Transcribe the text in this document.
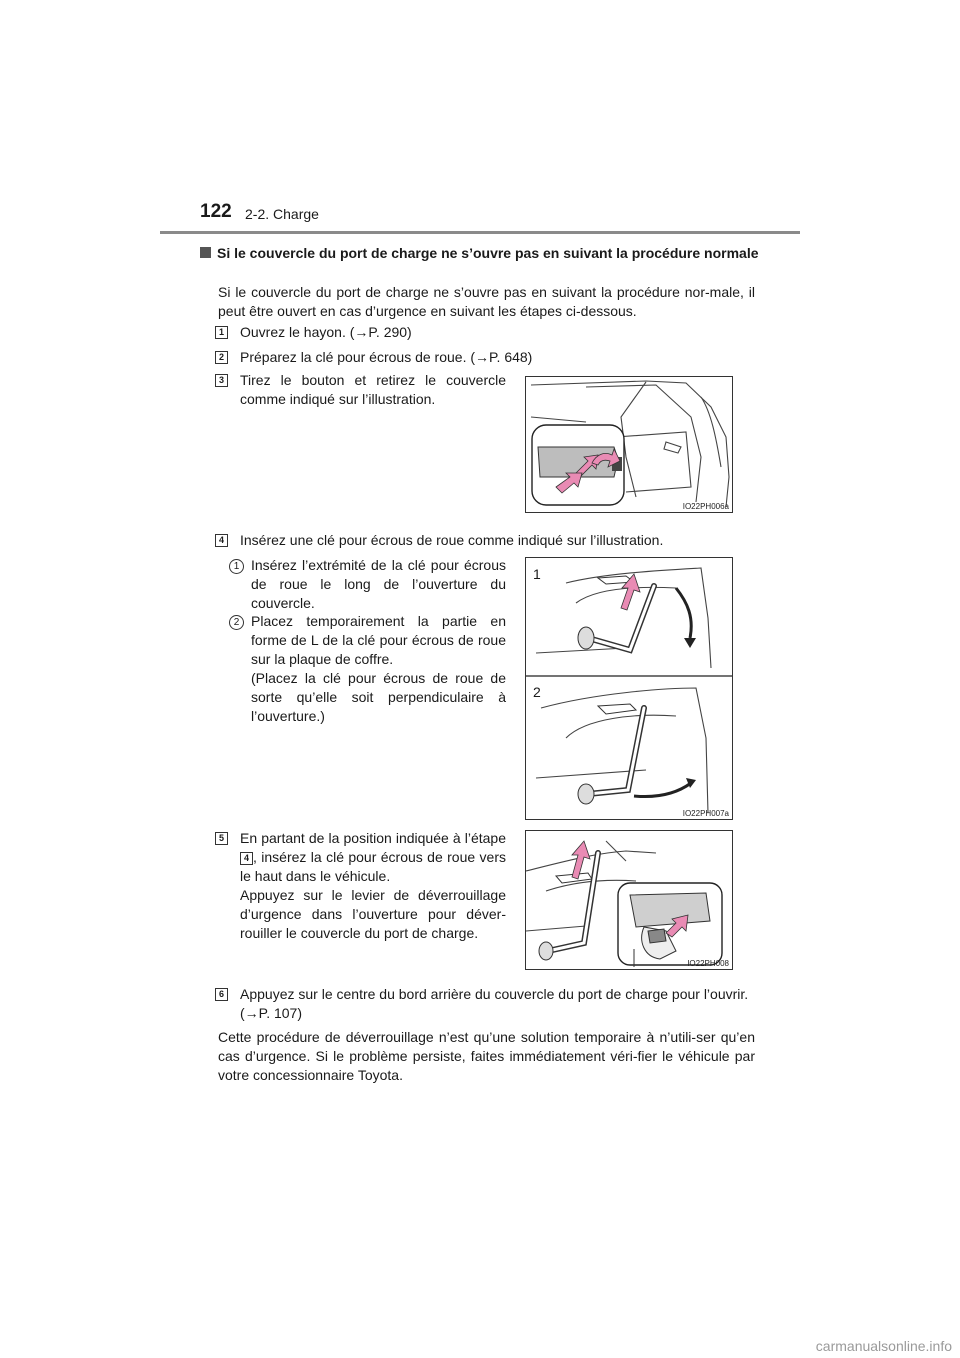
122 2-2. Charge
Si le couvercle du port de charge ne s’ouvre pas en suivant la procédure normale
Si le couvercle du port de charge ne s’ouvre pas en suivant la procédure nor-male, il peut être ouvert en cas d’urgence en suivant les étapes ci-dessous.
1 Ouvrez le hayon. (→P. 290)
2 Préparez la clé pour écrous de roue. (→P. 648)
3 Tirez le bouton et retirez le couvercle comme indiqué sur l’illustration.
IO22PH006a
4 Insérez une clé pour écrous de roue comme indiqué sur l’illustration.
1 Insérez l’extrémité de la clé pour écrous de roue le long de l’ouverture du couvercle.
2 Placez temporairement la partie en forme de L de la clé pour écrous de roue sur la plaque de coffre.
(Placez la clé pour écrous de roue de sorte qu’elle soit perpendiculaire à l’ouverture.)
1
2
IO22PH007a
5 En partant de la position indiquée à l’étape 4 , insérez la clé pour écrous de roue vers le haut dans le véhicule.
Appuyez sur le levier de déverrouillage d’urgence dans l’ouverture pour déver-rouiller le couvercle du port de charge.
IO22PH008
6 Appuyez sur le centre du bord arrière du couvercle du port de charge pour l’ouvrir. (→P. 107)
Cette procédure de déverrouillage n’est qu’une solution temporaire à n’utili-ser qu’en cas d’urgence. Si le problème persiste, faites immédiatement véri-fier le véhicule par votre concessionnaire Toyota.
carmanualsonline.info
